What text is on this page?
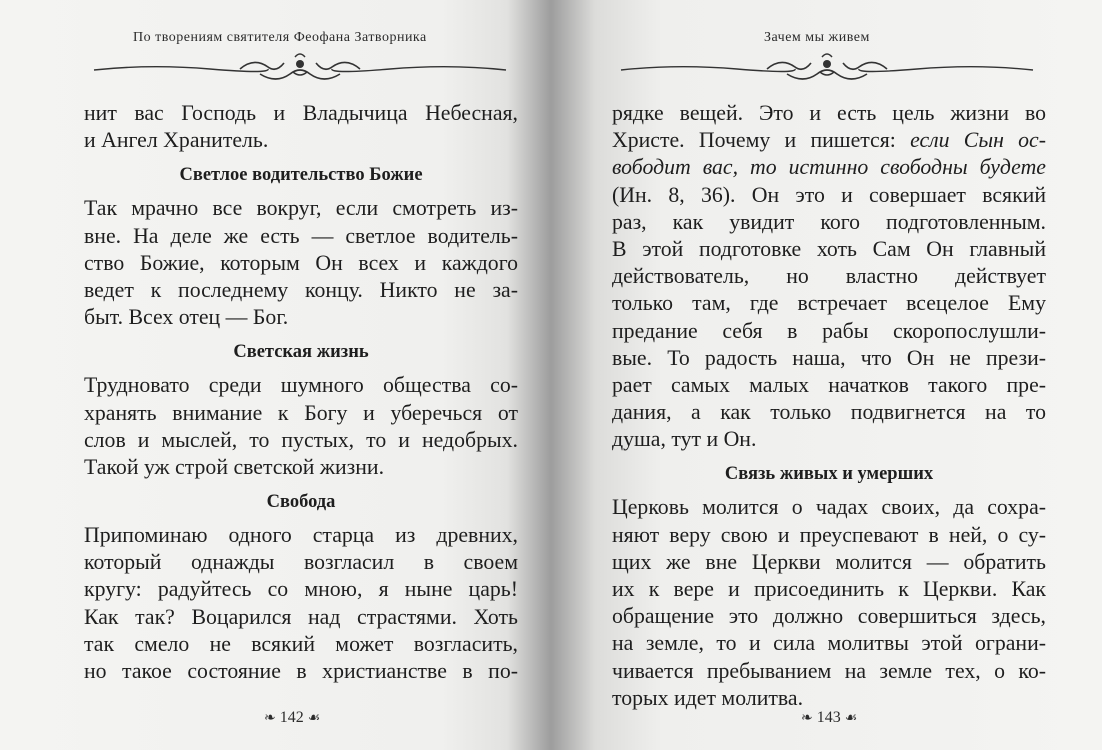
По творениям святителя Феофана Затворника
нит вас Господь и Владычица Небесная,
и Ангел Хранитель.
Светлое водительство Божие
Так мрачно все вокруг, если смотреть из-
вне. На деле же есть — светлое водитель-
ство Божие, которым Он всех и каждого
ведет к последнему концу. Никто не за-
быт. Всех отец — Бог.
Светская жизнь
Трудновато среди шумного общества со-
хранять внимание к Богу и уберечься от
слов и мыслей, то пустых, то и недобрых.
Такой уж строй светской жизни.
Свобода
Припоминаю одного старца из древних,
который однажды возгласил в своем
кругу: радуйтесь со мною, я ныне царь!
Как так? Воцарился над страстями. Хоть
так смело не всякий может возгласить,
но такое состояние в христианстве в по-
❧ 142 ☙
Зачем мы живем
рядке вещей. Это и есть цель жизни во
Христе. Почему и пишется: если Сын ос-
вободит вас, то истинно свободны будете
(Ин. 8, 36). Он это и совершает всякий
раз, как увидит кого подготовленным.
В этой подготовке хоть Сам Он главный
действователь, но властно действует
только там, где встречает всецелое Ему
предание себя в рабы скоропослушли-
вые. То радость наша, что Он не прези-
рает самых малых начатков такого пре-
дания, а как только подвигнется на то
душа, тут и Он.
Связь живых и умерших
Церковь молится о чадах своих, да сохра-
няют веру свою и преуспевают в ней, о су-
щих же вне Церкви молится — обратить
их к вере и присоединить к Церкви. Как
обращение это должно совершиться здесь,
на земле, то и сила молитвы этой ограни-
чивается пребыванием на земле тех, о ко-
торых идет молитва.
❧ 143 ☙
